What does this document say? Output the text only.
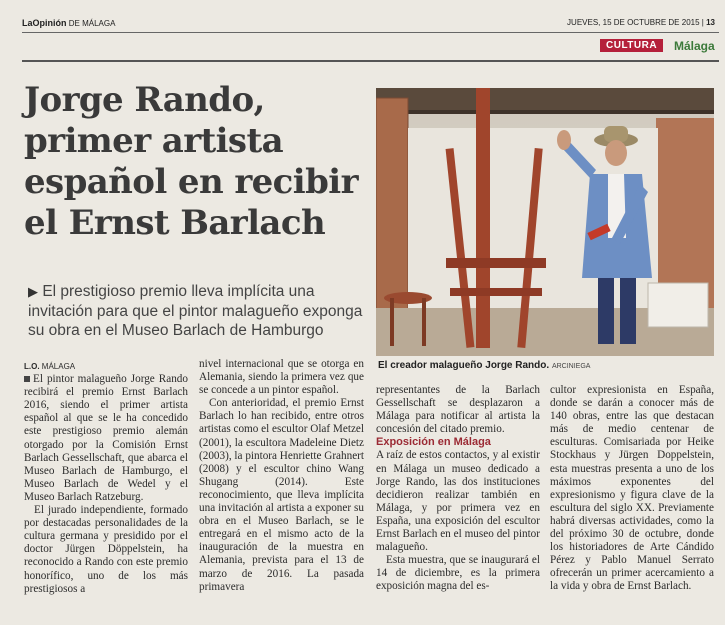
LaOpinión DE MÁLAGA	JUEVES, 15 DE OCTUBRE DE 2015 | 13
CULTURA	Málaga
Jorge Rando, primer artista español en recibir el Ernst Barlach
▶ El prestigioso premio lleva implícita una invitación para que el pintor malagueño exponga su obra en el Museo Barlach de Hamburgo
El creador malagueño Jorge Rando. ARCINIEGA
L.O. MÁLAGA

El pintor malagueño Jorge Rando recibirá el premio Ernst Barlach 2016, siendo el primer artista español al que se le ha concedido este prestigioso premio alemán otorgado por la Comisión Ernst Barlach Gessellschaft, que abarca el Museo Barlach de Hamburgo, el Museo Barlach de Wedel y el Museo Barlach Ratzeburg.

El jurado independiente, formado por destacadas personalidades de la cultura germana y presidido por el doctor Jürgen Döppelstein, ha reconocido a Rando con este premio honorífico, uno de los más prestigiosos a

nivel internacional que se otorga en Alemania, siendo la primera vez que se concede a un pintor español.

Con anterioridad, el premio Ernst Barlach lo han recibido, entre otros artistas como el escultor Olaf Metzel (2001), la escultora Madeleine Dietz (2003), la pintora Henriette Grahnert (2008) y el escultor chino Wang Shugang (2014). Este reconocimiento, que lleva implícita una invitación al artista a exponer su obra en el Museo Barlach, se le entregará en el mismo acto de la inauguración de la muestra en Alemania, prevista para el 13 de marzo de 2016. La pasada primavera

representantes de la Barlach Gessellschaft se desplazaron a Málaga para notificar al artista la concesión del citado premio.

Exposición en Málaga

A raíz de estos contactos, y al existir en Málaga un museo dedicado a Jorge Rando, las dos instituciones decidieron realizar también en Málaga, y por primera vez en España, una exposición del escultor Ernst Barlach en el museo del pintor malagueño.

Esta muestra, que se inaugurará el 14 de diciembre, es la primera exposición magna del es-

cultor expresionista en España, donde se darán a conocer más de 140 obras, entre las que destacan más de medio centenar de esculturas. Comisariada por Heike Stockhaus y Jürgen Doppelstein, esta muestras presenta a uno de los máximos exponentes del expresionismo y figura clave de la escultura del siglo XX. Previamente habrá diversas actividades, como la del próximo 30 de octubre, donde los historiadores de Arte Cándido Pérez y Pablo Manuel Serrato ofrecerán un primer acercamiento a la vida y obra de Ernst Barlach.
